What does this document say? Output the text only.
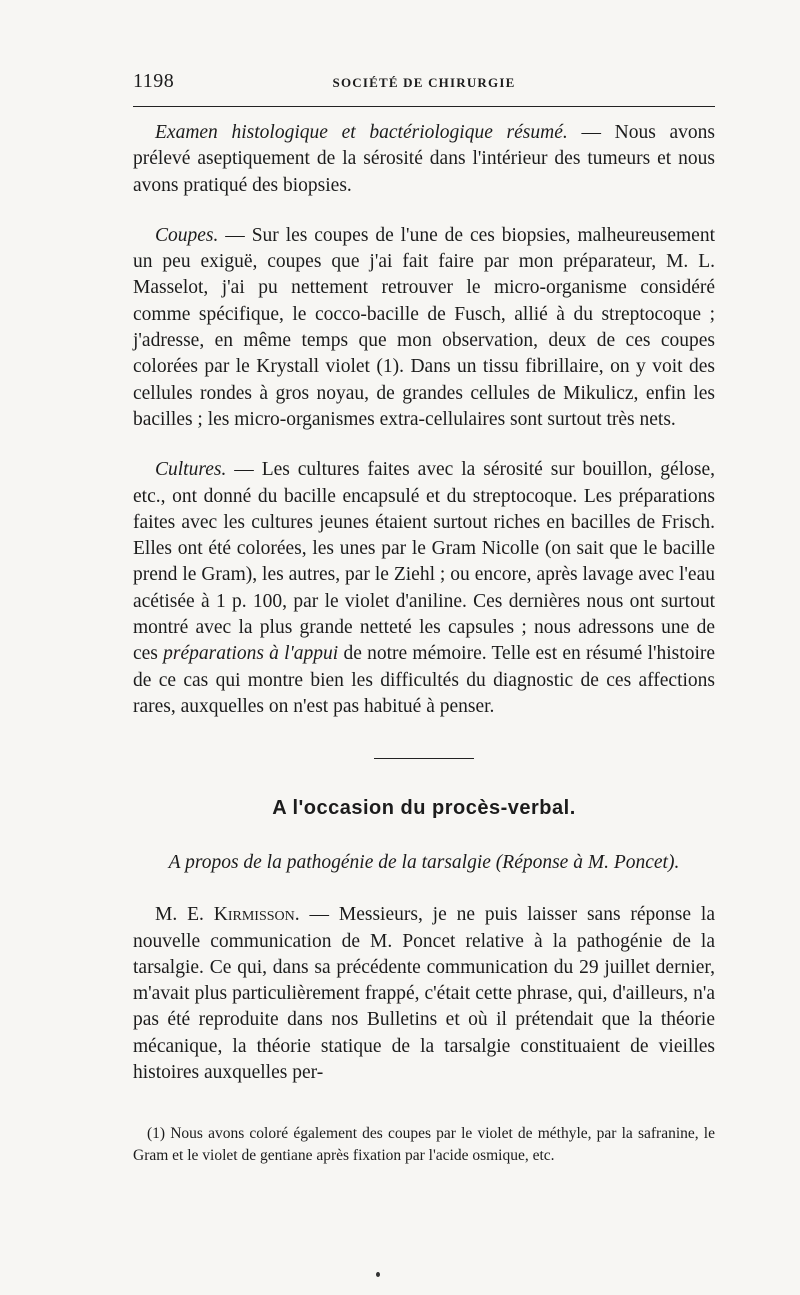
1198	SOCIÉTÉ DE CHIRURGIE

Examen histologique et bactériologique résumé. — Nous avons prélevé aseptiquement de la sérosité dans l'intérieur des tumeurs et nous avons pratiqué des biopsies.

Coupes. — Sur les coupes de l'une de ces biopsies, malheureusement un peu exiguë, coupes que j'ai fait faire par mon préparateur, M. L. Masselot, j'ai pu nettement retrouver le micro-organisme considéré comme spécifique, le cocco-bacille de Fusch, allié à du streptocoque ; j'adresse, en même temps que mon observation, deux de ces coupes colorées par le Krystall violet (1). Dans un tissu fibrillaire, on y voit des cellules rondes à gros noyau, de grandes cellules de Mikulicz, enfin les bacilles ; les micro-organismes extra-cellulaires sont surtout très nets.

Cultures. — Les cultures faites avec la sérosité sur bouillon, gélose, etc., ont donné du bacille encapsulé et du streptocoque. Les préparations faites avec les cultures jeunes étaient surtout riches en bacilles de Frisch. Elles ont été colorées, les unes par le Gram Nicolle (on sait que le bacille prend le Gram), les autres, par le Ziehl ; ou encore, après lavage avec l'eau acétisée à 1 p. 100, par le violet d'aniline. Ces dernières nous ont surtout montré avec la plus grande netteté les capsules ; nous adressons une de ces préparations à l'appui de notre mémoire. Telle est en résumé l'histoire de ce cas qui montre bien les difficultés du diagnostic de ces affections rares, auxquelles on n'est pas habitué à penser.

A l'occasion du procès-verbal.
A propos de la pathogénie de la tarsalgie (Réponse à M. Poncet).

M. E. Kirmisson. — Messieurs, je ne puis laisser sans réponse la nouvelle communication de M. Poncet relative à la pathogénie de la tarsalgie. Ce qui, dans sa précédente communication du 29 juillet dernier, m'avait plus particulièrement frappé, c'était cette phrase, qui, d'ailleurs, n'a pas été reproduite dans nos Bulletins et où il prétendait que la théorie mécanique, la théorie statique de la tarsalgie constituaient de vieilles histoires auxquelles per-

(1) Nous avons coloré également des coupes par le violet de méthyle, par la safranine, le Gram et le violet de gentiane après fixation par l'acide osmique, etc.
